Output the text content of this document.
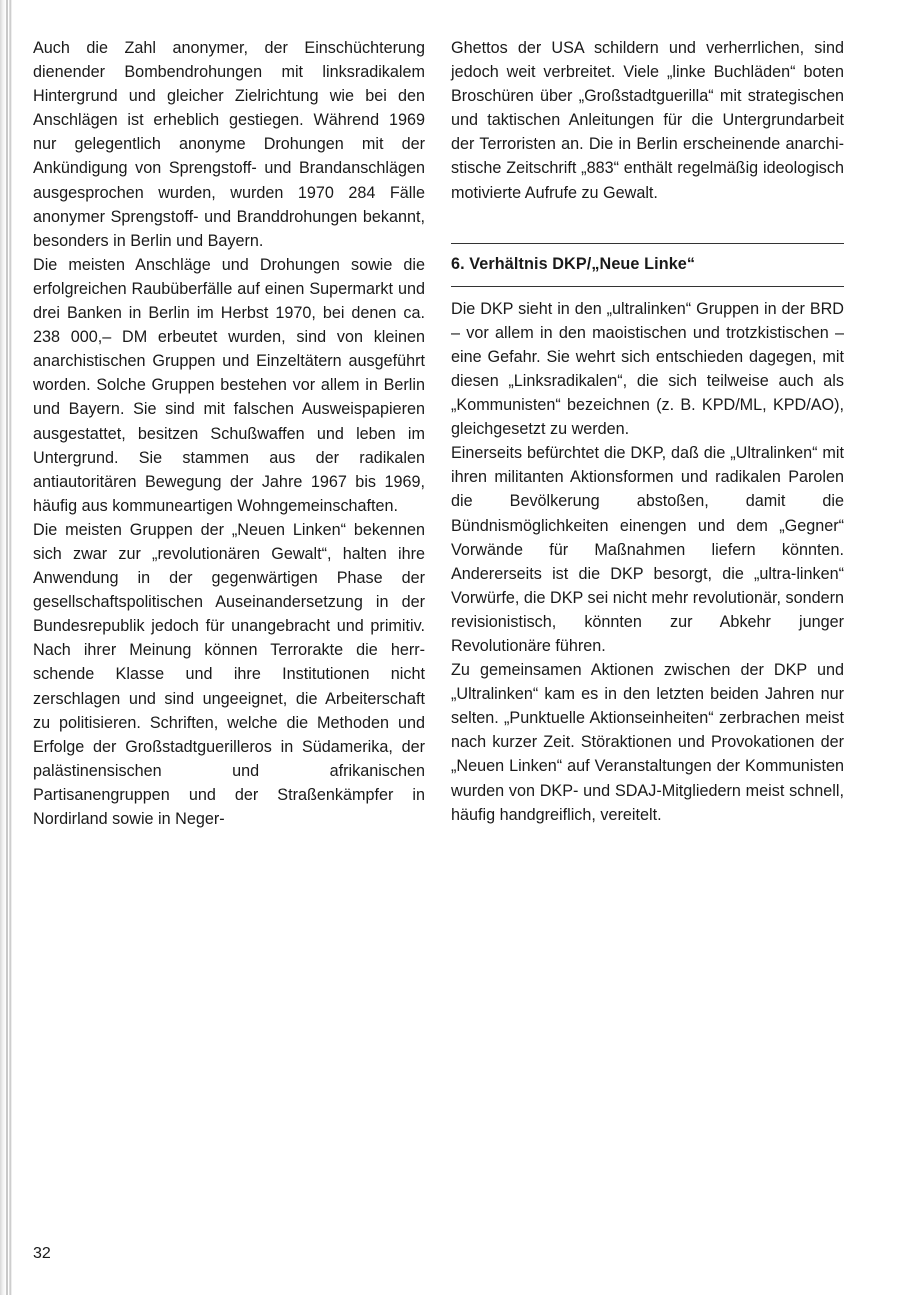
Auch die Zahl anonymer, der Einschüchterung dienender Bombendrohungen mit linksradikalem Hintergrund und gleicher Zielrichtung wie bei den Anschlägen ist erheblich gestiegen. Während 1969 nur gelegentlich anonyme Drohungen mit der Ankündigung von Sprengstoff- und Brandanschlägen ausgesprochen wurden, wurden 1970 284 Fälle anonymer Sprengstoff- und Branddrohungen bekannt, besonders in Berlin und Bayern.

Die meisten Anschläge und Drohungen sowie die erfolgreichen Raubüberfälle auf einen Supermarkt und drei Banken in Berlin im Herbst 1970, bei denen ca. 238 000,– DM erbeutet wurden, sind von kleinen anarchistischen Gruppen und Einzeltätern ausgeführt worden. Solche Gruppen bestehen vor allem in Berlin und Bayern. Sie sind mit falschen Ausweispapieren ausgestattet, besitzen Schußwaffen und leben im Untergrund. Sie stammen aus der radikalen antiautoritären Bewegung der Jahre 1967 bis 1969, häufig aus kommuneartigen Wohngemeinschaften.

Die meisten Gruppen der „Neuen Linken“ bekennen sich zwar zur „revolutionären Gewalt“, halten ihre Anwendung in der gegenwärtigen Phase der gesellschaftspolitischen Auseinandersetzung in der Bundesrepublik jedoch für unangebracht und primitiv. Nach ihrer Meinung können Terrorakte die herrschende Klasse und ihre Institutionen nicht zerschlagen und sind ungeeignet, die Arbeiterschaft zu politisieren. Schriften, welche die Methoden und Erfolge der Großstadtguerilleros in Südamerika, der palästinensischen und afrikanischen Partisanengruppen und der Straßenkämpfer in Nordirland sowie in Neger-

Ghettos der USA schildern und verherrlichen, sind jedoch weit verbreitet. Viele „linke Buchläden“ boten Broschüren über „Großstadtguerilla“ mit strategischen und taktischen Anleitungen für die Untergrundarbeit der Terroristen an. Die in Berlin erscheinende anarchistische Zeitschrift „883“ enthält regelmäßig ideologisch motivierte Aufrufe zu Gewalt.

6. Verhältnis DKP/„Neue Linke“

Die DKP sieht in den „ultralinken“ Gruppen in der BRD – vor allem in den maoistischen und trotzkistischen – eine Gefahr. Sie wehrt sich entschieden dagegen, mit diesen „Linksradikalen“, die sich teilweise auch als „Kommunisten“ bezeichnen (z. B. KPD/ML, KPD/AO), gleichgesetzt zu werden.

Einerseits befürchtet die DKP, daß die „Ultralinken“ mit ihren militanten Aktionsformen und radikalen Parolen die Bevölkerung abstoßen, damit die Bündnismöglichkeiten einengen und dem „Gegner“ Vorwände für Maßnahmen liefern könnten. Andererseits ist die DKP besorgt, die „ultra-linken“ Vorwürfe, die DKP sei nicht mehr revolutionär, sondern revisionistisch, könnten zur Abkehr junger Revolutionäre führen.

Zu gemeinsamen Aktionen zwischen der DKP und „Ultralinken“ kam es in den letzten beiden Jahren nur selten. „Punktuelle Aktionseinheiten“ zerbrachen meist nach kurzer Zeit. Störaktionen und Provokationen der „Neuen Linken“ auf Veranstaltungen der Kommunisten wurden von DKP- und SDAJ-Mitgliedern meist schnell, häufig handgreiflich, vereitelt.

32
